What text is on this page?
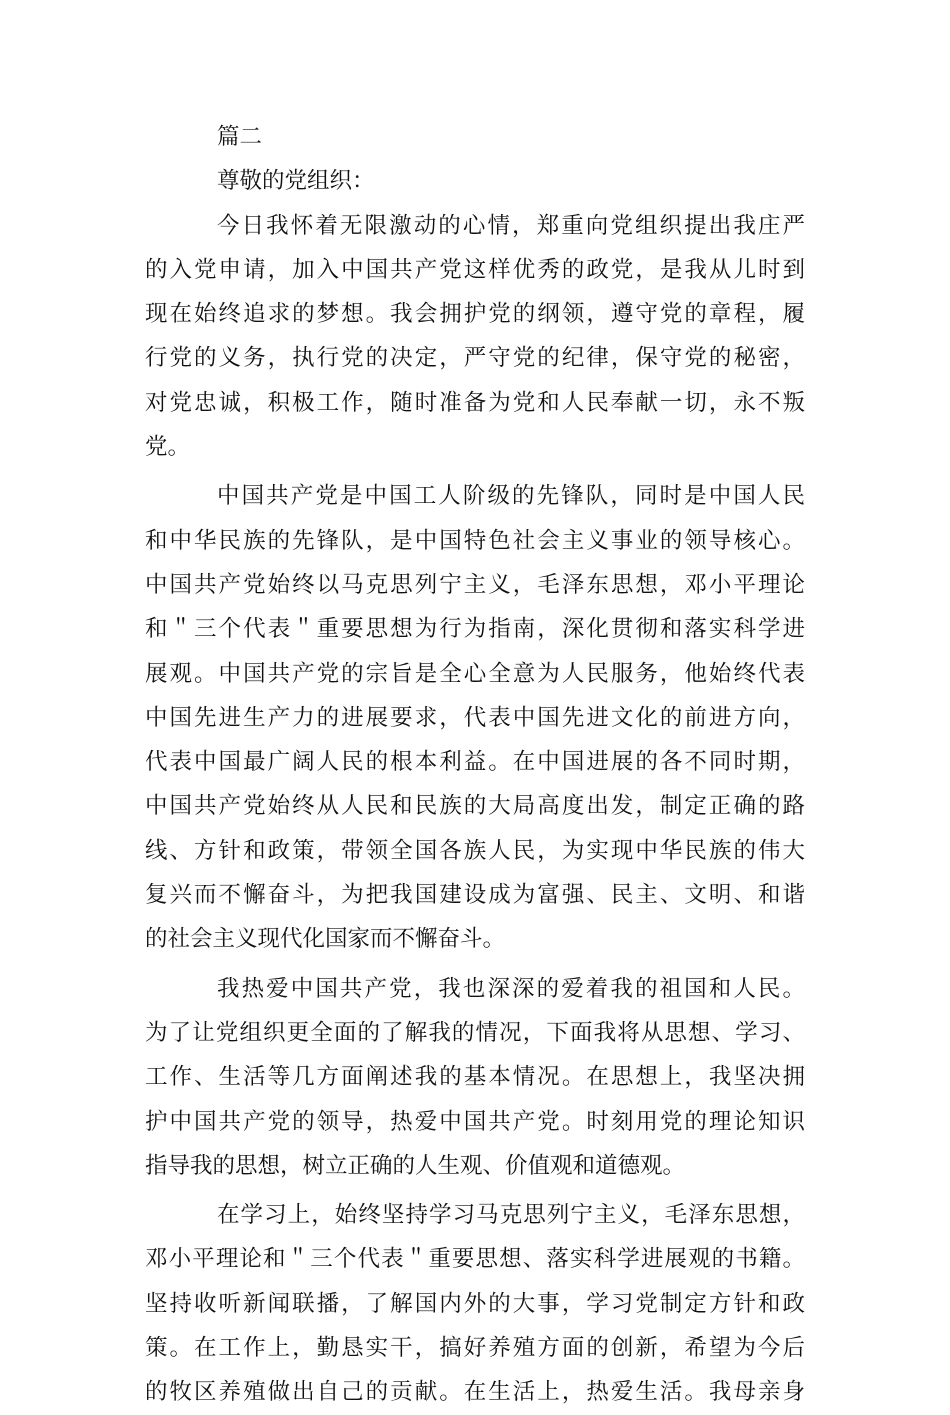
篇二
尊敬的党组织：
今日我怀着无限激动的心情，郑重向党组织提出我庄严
的入党申请，加入中国共产党这样优秀的政党，是我从儿时到
现在始终追求的梦想。我会拥护党的纲领，遵守党的章程，履
行党的义务，执行党的决定，严守党的纪律，保守党的秘密，
对党忠诚，积极工作，随时准备为党和人民奉献一切，永不叛
党。
中国共产党是中国工人阶级的先锋队，同时是中国人民
和中华民族的先锋队，是中国特色社会主义事业的领导核心。
中国共产党始终以马克思列宁主义，毛泽东思想，邓小平理论
和＂三个代表＂重要思想为行为指南，深化贯彻和落实科学进
展观。中国共产党的宗旨是全心全意为人民服务，他始终代表
中国先进生产力的进展要求，代表中国先进文化的前进方向，
代表中国最广阔人民的根本利益。在中国进展的各不同时期，
中国共产党始终从人民和民族的大局高度出发，制定正确的路
线、方针和政策，带领全国各族人民，为实现中华民族的伟大
复兴而不懈奋斗，为把我国建设成为富强、民主、文明、和谐
的社会主义现代化国家而不懈奋斗。
我热爱中国共产党，我也深深的爱着我的祖国和人民。
为了让党组织更全面的了解我的情况，下面我将从思想、学习、
工作、生活等几方面阐述我的基本情况。在思想上，我坚决拥
护中国共产党的领导，热爱中国共产党。时刻用党的理论知识
指导我的思想，树立正确的人生观、价值观和道德观。
在学习上，始终坚持学习马克思列宁主义，毛泽东思想，
邓小平理论和＂三个代表＂重要思想、落实科学进展观的书籍。
坚持收听新闻联播，了解国内外的大事，学习党制定方针和政
策。在工作上，勤恳实干，搞好养殖方面的创新，希望为今后
的牧区养殖做出自己的贡献。在生活上，热爱生活。我母亲身
